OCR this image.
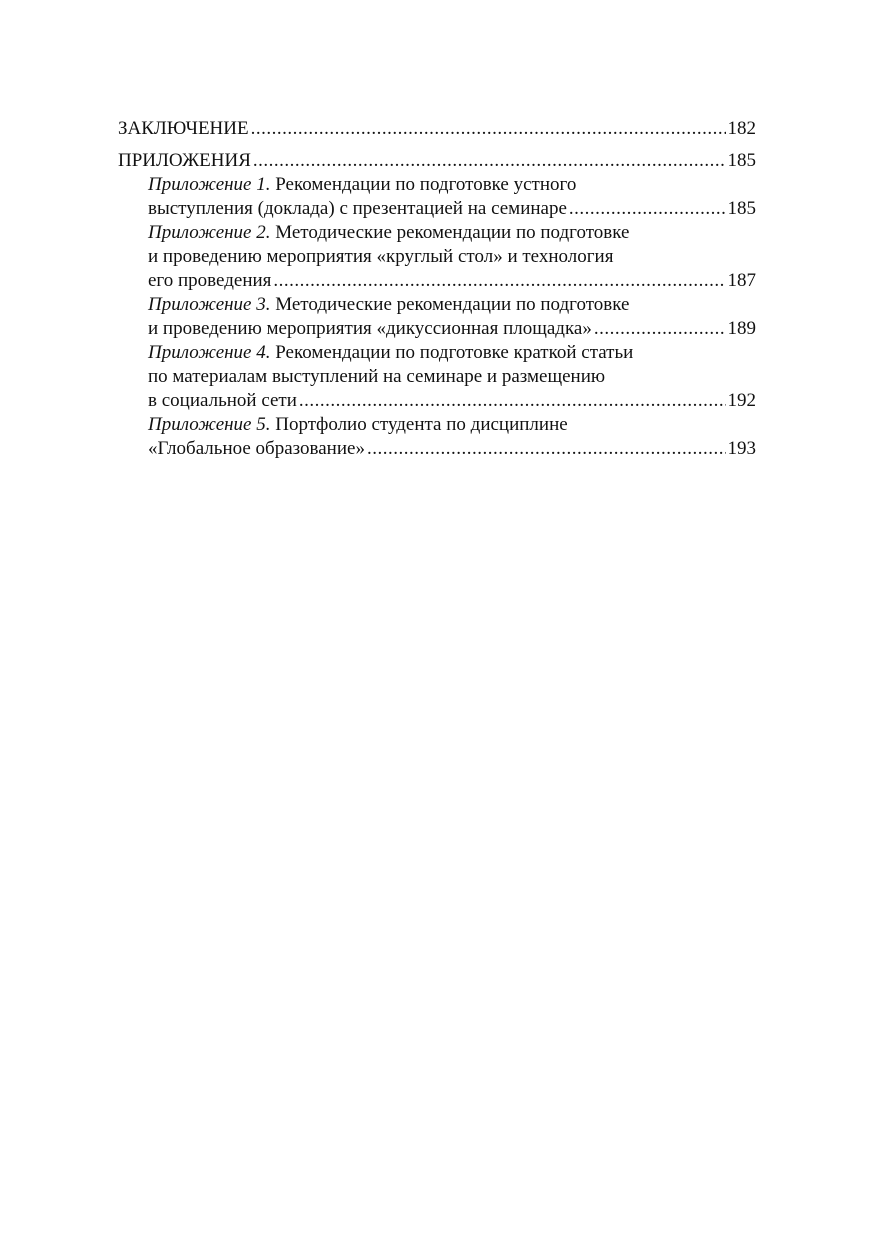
ЗАКЛЮЧЕНИЕ .....	182
ПРИЛОЖЕНИЯ .....	185
Приложение 1. Рекомендации по подготовке устного
выступления (доклада) с презентацией на семинаре .....	185
Приложение 2. Методические рекомендации по подготовке
и проведению мероприятия «круглый стол» и технология
его проведения .....	187
Приложение 3. Методические рекомендации по подготовке
и проведению мероприятия «дикуссионная площадка» .....	189
Приложение 4. Рекомендации по подготовке краткой статьи
по материалам выступлений на семинаре и размещению
в социальной сети .....	192
Приложение 5. Портфолио студента по дисциплине
«Глобальное образование» .....	193
